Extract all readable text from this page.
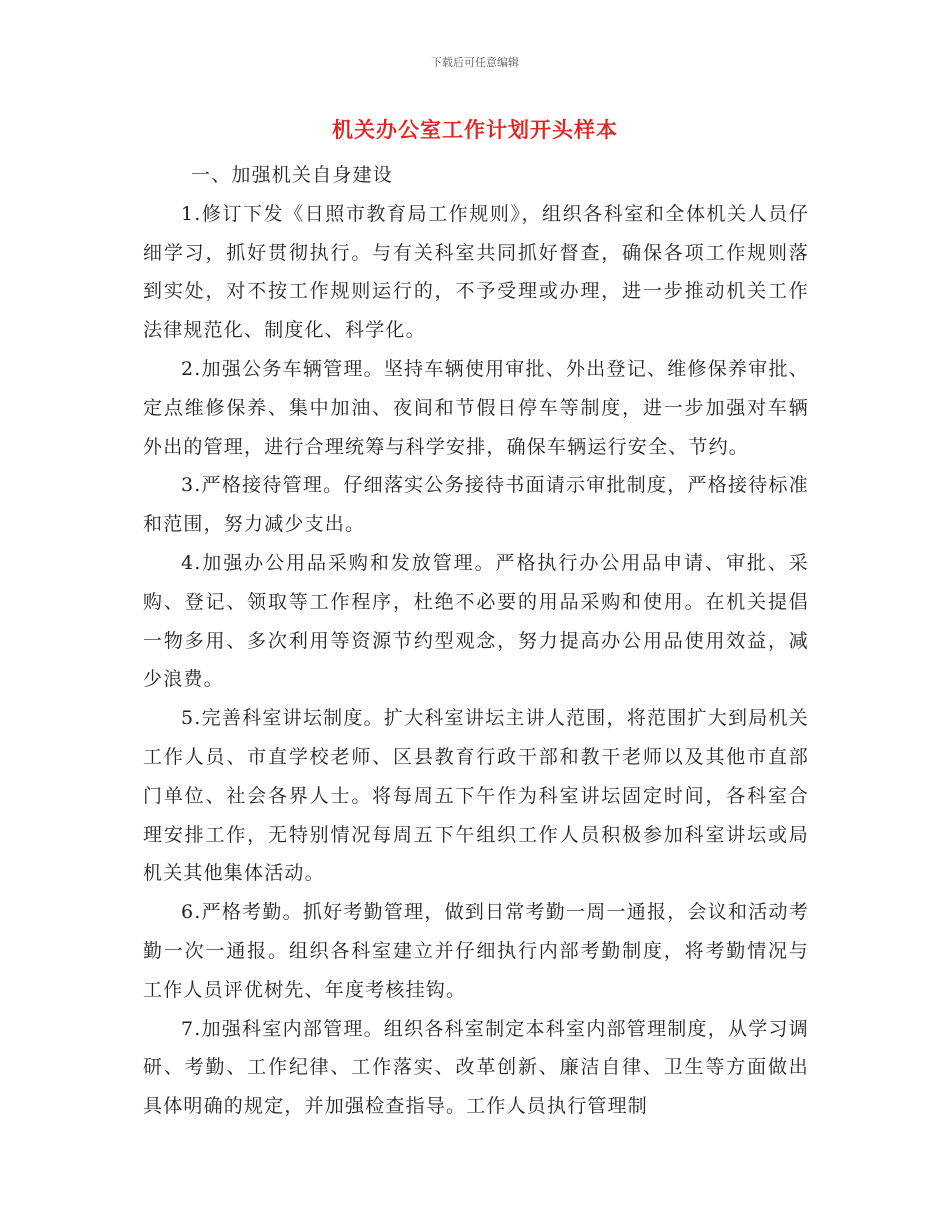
下载后可任意编辑
机关办公室工作计划开头样本

一、加强机关自身建设

1.修订下发《日照市教育局工作规则》，组织各科室和全体机关人员仔细学习，抓好贯彻执行。与有关科室共同抓好督查，确保各项工作规则落到实处，对不按工作规则运行的，不予受理或办理，进一步推动机关工作法律规范化、制度化、科学化。

2.加强公务车辆管理。坚持车辆使用审批、外出登记、维修保养审批、定点维修保养、集中加油、夜间和节假日停车等制度，进一步加强对车辆外出的管理，进行合理统筹与科学安排，确保车辆运行安全、节约。

3.严格接待管理。仔细落实公务接待书面请示审批制度，严格接待标准和范围，努力减少支出。

4.加强办公用品采购和发放管理。严格执行办公用品申请、审批、采购、登记、领取等工作程序，杜绝不必要的用品采购和使用。在机关提倡一物多用、多次利用等资源节约型观念，努力提高办公用品使用效益，减少浪费。

5.完善科室讲坛制度。扩大科室讲坛主讲人范围，将范围扩大到局机关工作人员、市直学校老师、区县教育行政干部和教干老师以及其他市直部门单位、社会各界人士。将每周五下午作为科室讲坛固定时间，各科室合理安排工作，无特别情况每周五下午组织工作人员积极参加科室讲坛或局机关其他集体活动。

6.严格考勤。抓好考勤管理，做到日常考勤一周一通报，会议和活动考勤一次一通报。组织各科室建立并仔细执行内部考勤制度，将考勤情况与工作人员评优树先、年度考核挂钩。

7.加强科室内部管理。组织各科室制定本科室内部管理制度，从学习调研、考勤、工作纪律、工作落实、改革创新、廉洁自律、卫生等方面做出具体明确的规定，并加强检查指导。工作人员执行管理制
